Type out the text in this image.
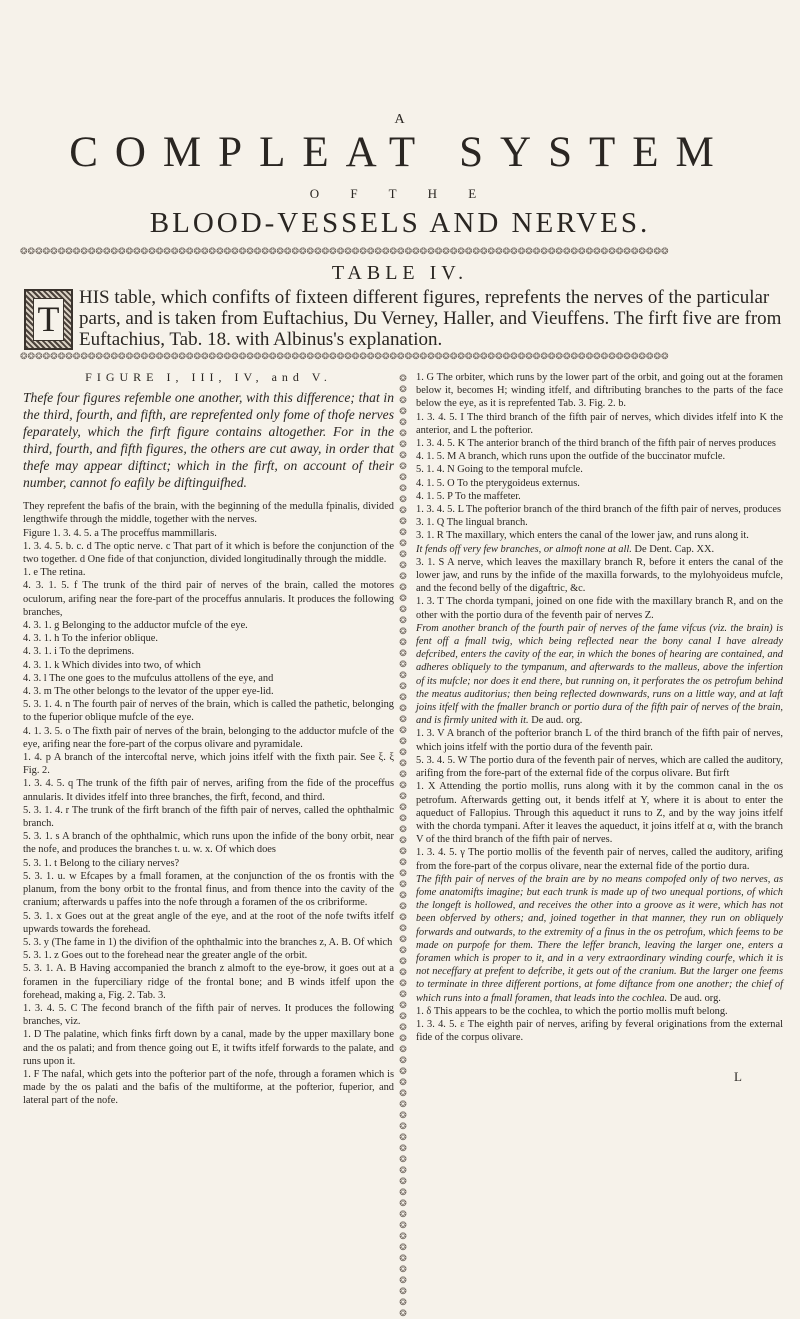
A
COMPLEAT SYSTEM
O F T H E
BLOOD-VESSELS AND NERVES.
❂❂❂❂❂❂❂❂❂❂❂❂❂❂❂❂❂❂❂❂❂❂❂❂❂❂❂❂❂❂❂❂❂❂❂❂❂❂❂❂❂❂❂❂❂❂❂❂❂❂❂❂❂❂❂❂❂❂❂❂❂❂❂❂❂❂❂❂❂❂❂❂❂❂❂❂❂❂❂❂❂❂❂❂❂❂
TABLE IV.
T
HIS table, which confifts of fixteen different figures, reprefents the nerves of the particular parts, and is taken from Euftachius, Du Verney, Haller, and Vieuffens. The firft five are from Euftachius, Tab. 18. with Albinus's explanation.
❂❂❂❂❂❂❂❂❂❂❂❂❂❂❂❂❂❂❂❂❂❂❂❂❂❂❂❂❂❂❂❂❂❂❂❂❂❂❂❂❂❂❂❂❂❂❂❂❂❂❂❂❂❂❂❂❂❂❂❂❂❂❂❂❂❂❂❂❂❂❂❂❂❂❂❂❂❂❂❂❂❂❂❂❂❂
FIGURE I, III, IV, and V.

Thefe four figures refemble one another, with this difference; that in the third, fourth, and fifth, are reprefented only fome of thofe nerves feparately, which the firft figure contains altogether. For in the third, fourth, and fifth figures, the others are cut away, in order that thefe may appear diftinct; which in the firft, on account of their number, cannot fo eafily be diftinguifhed.

They reprefent the bafis of the brain, with the beginning of the medulla fpinalis, divided lengthwife through the middle, together with the nerves.

Figure 1. 3. 4. 5. a The proceffus mammillaris.

1. 3. 4. 5. b. c. d The optic nerve. c That part of it which is before the conjunction of the two together. d One fide of that conjunction, divided longitudinally through the middle.

1. e The retina.

4. 3. 1. 5. f The trunk of the third pair of nerves of the brain, called the motores oculorum, arifing near the fore-part of the proceffus annularis. It produces the following branches,

4. 3. 1. g Belonging to the adductor mufcle of the eye.

4. 3. 1. h To the inferior oblique.

4. 3. 1. i To the deprimens.

4. 3. 1. k Which divides into two, of which

4. 3. l The one goes to the mufculus attollens of the eye, and

4. 3. m The other belongs to the levator of the upper eye-lid.

5. 3. 1. 4. n The fourth pair of nerves of the brain, which is called the pathetic, belonging to the fuperior oblique mufcle of the eye.

4. 1. 3. 5. o The fixth pair of nerves of the brain, belonging to the adductor mufcle of the eye, arifing near the fore-part of the corpus olivare and pyramidale.

1. 4. p A branch of the intercoftal nerve, which joins itfelf with the fixth pair. See ξ. ξ Fig. 2.

1. 3. 4. 5. q The trunk of the fifth pair of nerves, arifing from the fide of the proceffus annularis. It divides itfelf into three branches, the firft, fecond, and third.

5. 3. 1. 4. r The trunk of the firft branch of the fifth pair of nerves, called the ophthalmic branch.

5. 3. 1. s A branch of the ophthalmic, which runs upon the infide of the bony orbit, near the nofe, and produces the branches t. u. w. x. Of which does

5. 3. 1. t Belong to the ciliary nerves?

5. 3. 1. u. w Efcapes by a fmall foramen, at the conjunction of the os frontis with the planum, from the bony orbit to the frontal finus, and from thence into the cavity of the cranium; afterwards u paffes into the nofe through a foramen of the os cribriforme.

5. 3. 1. x Goes out at the great angle of the eye, and at the root of the nofe twifts itfelf upwards towards the forehead.

5. 3. y (The fame in 1) the divifion of the ophthalmic into the branches z, A. B. Of which

5. 3. 1. z Goes out to the forehead near the greater angle of the orbit.

5. 3. 1. A. B Having accompanied the branch z almoft to the eye-brow, it goes out at a foramen in the fuperciliary ridge of the frontal bone; and B winds itfelf upon the forehead, making a, Fig. 2. Tab. 3.

1. 3. 4. 5. C The fecond branch of the fifth pair of nerves. It produces the following branches, viz.

1. D The palatine, which finks firft down by a canal, made by the upper maxillary bone and the os palati; and from thence going out E, it twifts itfelf forwards to the palate, and runs upon it.

1. F The nafal, which gets into the pofterior part of the nofe, through a foramen which is made by the os palati and the bafis of the multiforme, at the pofterior, fuperior, and lateral part of the nofe.

❂❂❂❂❂❂❂❂❂❂❂❂❂❂❂❂❂❂❂❂❂❂❂❂❂❂❂❂❂❂❂❂❂❂❂❂❂❂❂❂❂❂❂❂❂❂❂❂❂❂❂❂❂❂❂❂❂❂❂❂❂❂❂❂❂❂❂❂❂❂❂❂❂❂❂❂❂❂❂❂❂❂❂❂❂❂

1. G The orbiter, which runs by the lower part of the orbit, and going out at the foramen below it, becomes H; winding itfelf, and diftributing branches to the parts of the face below the eye, as it is reprefented Tab. 3. Fig. 2. b.

1. 3. 4. 5. I The third branch of the fifth pair of nerves, which divides itfelf into K the anterior, and L the pofterior.

1. 3. 4. 5. K The anterior branch of the third branch of the fifth pair of nerves produces

4. 1. 5. M A branch, which runs upon the outfide of the buccinator mufcle.

5. 1. 4. N Going to the temporal mufcle.

4. 1. 5. O To the pterygoideus externus.

4. 1. 5. P To the maffeter.

1. 3. 4. 5. L The pofterior branch of the third branch of the fifth pair of nerves, produces

3. 1. Q The lingual branch.

3. 1. R The maxillary, which enters the canal of the lower jaw, and runs along it.

It fends off very few branches, or almoft none at all. De Dent. Cap. XX.

3. 1. S A nerve, which leaves the maxillary branch R, before it enters the canal of the lower jaw, and runs by the infide of the maxilla forwards, to the mylohyoideus mufcle, and the fecond belly of the digaftric, &c.

1. 3. T The chorda tympani, joined on one fide with the maxillary branch R, and on the other with the portio dura of the feventh pair of nerves Z.

From another branch of the fourth pair of nerves of the fame vifcus (viz. the brain) is fent off a fmall twig, which being reflected near the bony canal I have already defcribed, enters the cavity of the ear, in which the bones of hearing are contained, and adheres obliquely to the tympanum, and afterwards to the malleus, above the infertion of its mufcle; nor does it end there, but running on, it perforates the os petrofum behind the meatus auditorius; then being reflected downwards, runs on a little way, and at laft joins itfelf with the fmaller branch or portio dura of the fifth pair of nerves of the brain, and is firmly united with it. De aud. org.

1. 3. V A branch of the pofterior branch L of the third branch of the fifth pair of nerves, which joins itfelf with the portio dura of the feventh pair.

5. 3. 4. 5. W The portio dura of the feventh pair of nerves, which are called the auditory, arifing from the fore-part of the external fide of the corpus olivare. But firft

1. X Attending the portio mollis, runs along with it by the common canal in the os petrofum. Afterwards getting out, it bends itfelf at Y, where it is about to enter the aqueduct of Fallopius. Through this aqueduct it runs to Z, and by the way joins itfelf with the chorda tympani. After it leaves the aqueduct, it joins itfelf at α, with the branch V of the third branch of the fifth pair of nerves.

1. 3. 4. 5. γ The portio mollis of the feventh pair of nerves, called the auditory, arifing from the fore-part of the corpus olivare, near the external fide of the portio dura.

The fifth pair of nerves of the brain are by no means compofed only of two nerves, as fome anatomifts imagine; but each trunk is made up of two unequal portions, of which the longeft is hollowed, and receives the other into a groove as it were, which has not been obferved by others; and, joined together in that manner, they run on obliquely forwards and outwards, to the extremity of a finus in the os petrofum, which feems to be made on purpofe for them. There the leffer branch, leaving the larger one, enters a foramen which is proper to it, and in a very extraordinary winding courfe, which it is not neceffary at prefent to defcribe, it gets out of the cranium. But the larger one feems to terminate in three different portions, at fome diftance from one another; the chief of which runs into a fmall foramen, that leads into the cochlea. De aud. org.

1. δ This appears to be the cochlea, to which the portio mollis muft belong.

1. 3. 4. 5. ε The eighth pair of nerves, arifing by feveral originations from the external fide of the corpus olivare.

L
